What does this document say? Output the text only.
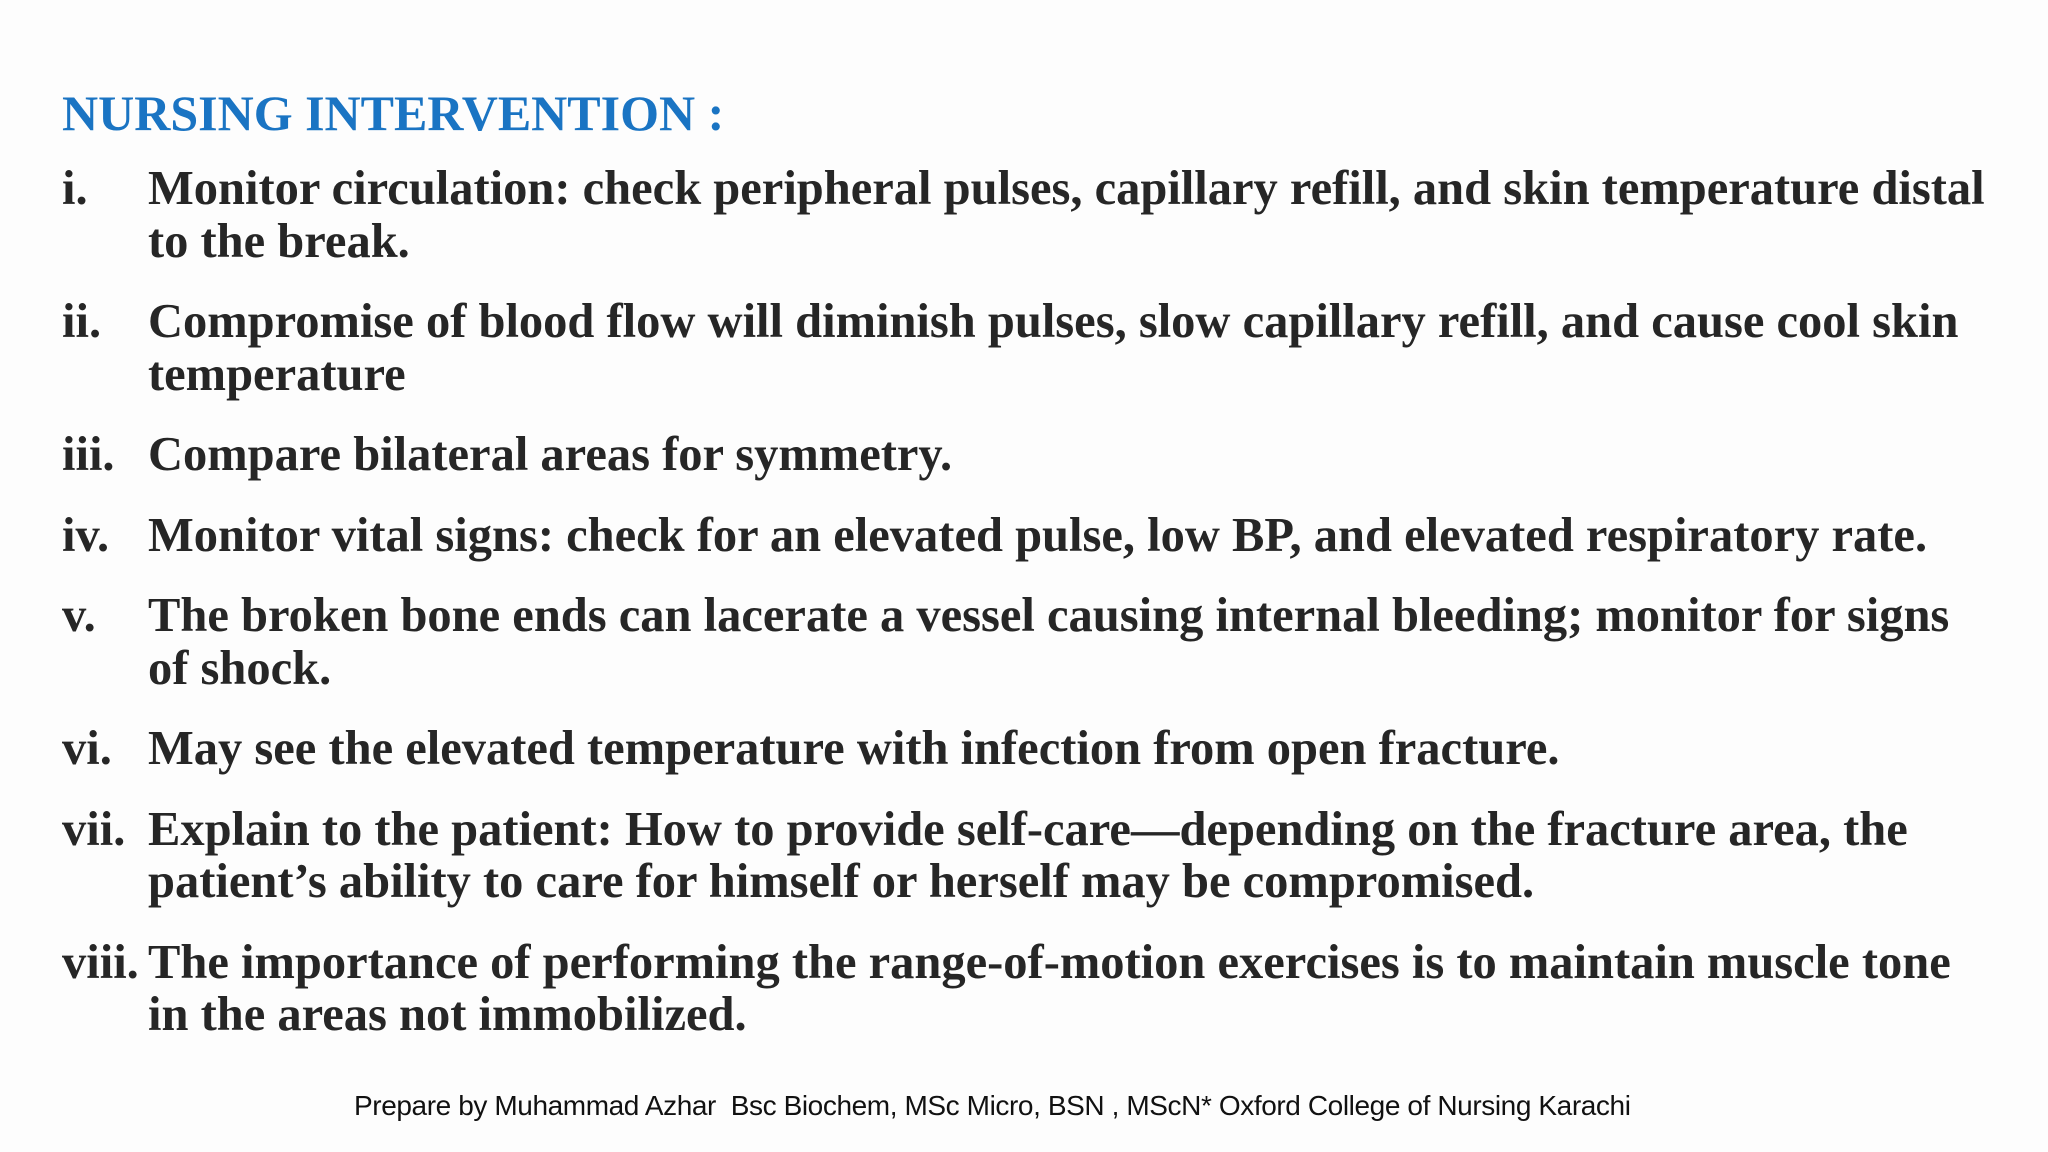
NURSING INTERVENTION :
i.	Monitor circulation: check peripheral pulses, capillary refill, and skin temperature distal to the break.
ii. Compromise of blood flow will diminish pulses, slow capillary refill, and cause cool skin temperature
iii. Compare bilateral areas for symmetry.
iv. Monitor vital signs: check for an elevated pulse, low BP, and elevated respiratory rate.
v.	The broken bone ends can lacerate a vessel causing internal bleeding; monitor for signs of shock.
vi. May see the elevated temperature with infection from open fracture.
vii. Explain to the patient: How to provide self-care—depending on the fracture area, the patient’s ability to care for himself or herself may be compromised.
viii. The importance of performing the range-of-motion exercises is to maintain muscle tone in the areas not immobilized.
Prepare by Muhammad Azhar  Bsc Biochem, MSc Micro, BSN , MScN* Oxford College of Nursing Karachi
